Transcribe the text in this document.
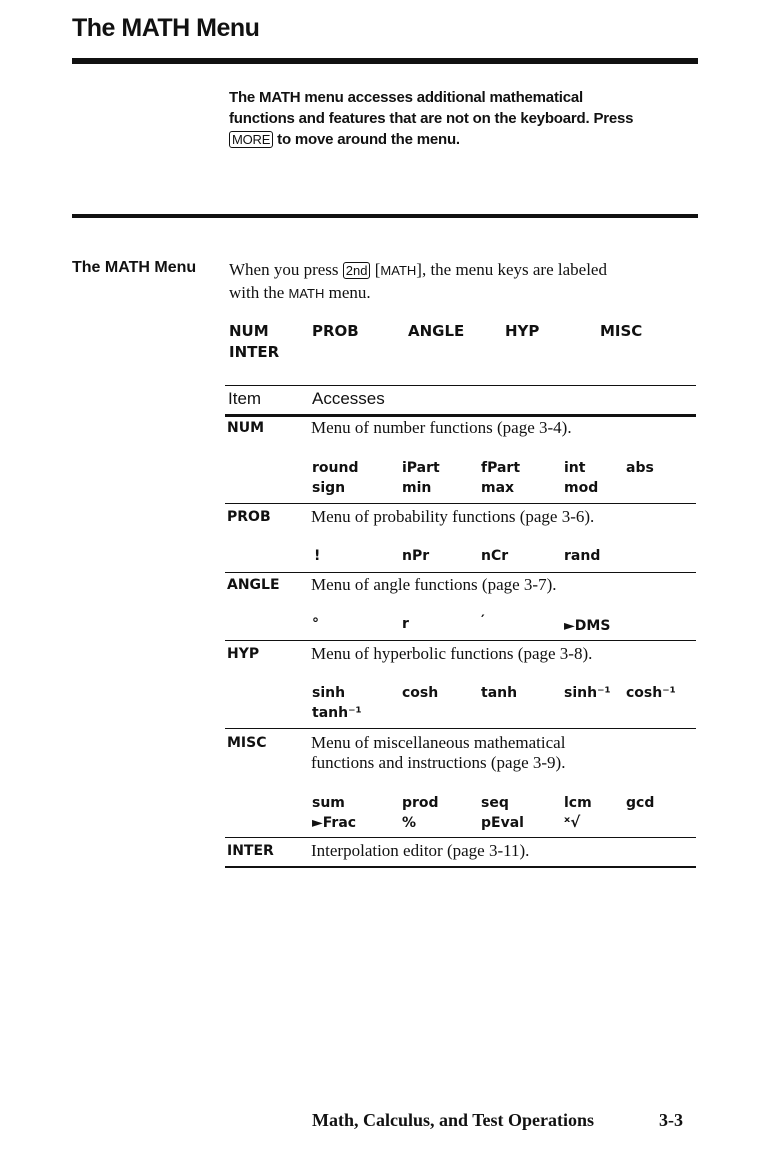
The MATH Menu
The MATH menu accesses additional mathematical
functions and features that are not on the keyboard. Press
MORE to move around the menu.
The MATH Menu When you press 2nd [MATH], the menu keys are labeled
with the MATH menu.
NUM	PROB	ANGLE	HYP	MISC
INTER
Item	Accesses
NUM	Menu of number functions (page 3-4).
round	iPart	fPart	int	abs
sign	min	max	mod
PROB Menu of probability functions (page 3-6).
!	nPr	nCr	rand
ANGLE Menu of angle functions (page 3-7).
°	r	′	►DMS
HYP	Menu of hyperbolic functions (page 3-8).
sinh	cosh	tanh	sinh⁻¹ cosh⁻¹
tanh⁻¹
MISC	Menu of miscellaneous mathematical
functions and instructions (page 3-9).
sum	prod	seq	lcm gcd
►Frac	%	pEval	ˣ√
INTER Interpolation editor (page 3-11).
Math, Calculus, and Test Operations	3-3
